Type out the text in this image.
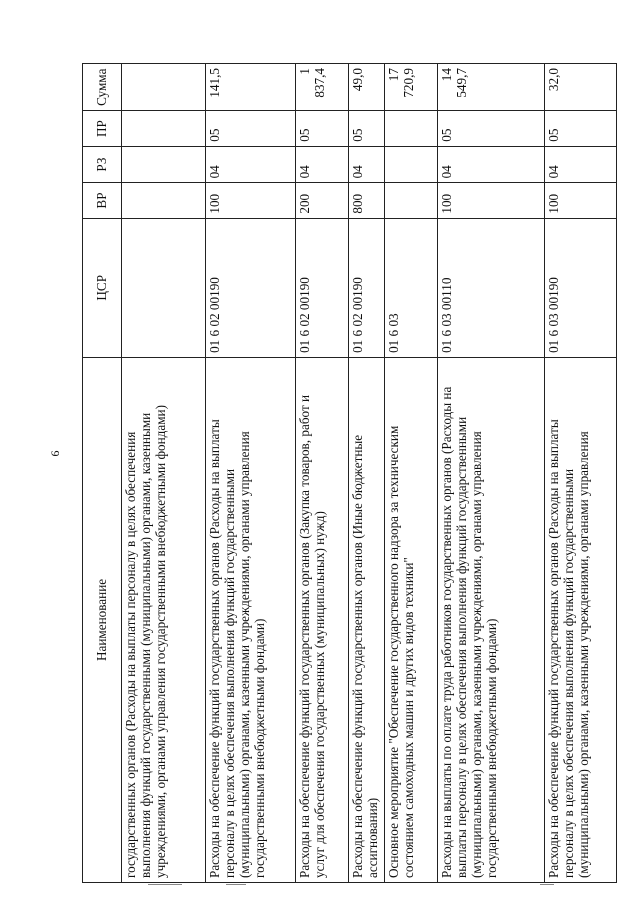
9
Наименование	ЦСР	ВР	РЗ	ПР	Сумма
государственных органов (Расходы на выплаты персоналу в целях обеспечения выполнения функций государственными (муниципальными) органами, казенными учреждениями, органами управления государственными внебюджетными фондами)					
Расходы на обеспечение функций государственных органов (Расходы на выплаты персоналу в целях обеспечения выполнения функций государственными (муниципальными) органами, казенными учреждениями, органами управления государственными внебюджетными фондами)	01 6 02 00190	100	04	05	141,5
Расходы на обеспечение функций государственных органов (Закупка товаров, работ и услуг для обеспечения государственных (муниципальных) нужд)	01 6 02 00190	200	04	05	1 837,4
Расходы на обеспечение функций государственных органов (Иные бюджетные ассигнования)	01 6 02 00190	800	04	05	49,0
Основное мероприятие "Обеспечение государственного надзора за техническим состоянием самоходных машин и других видов техники"	01 6 03				17 720,9
Расходы на выплаты по оплате труда работников государственных органов (Расходы на выплаты персоналу в целях обеспечения выполнения функций государственными (муниципальными) органами, казенными учреждениями, органами управления государственными внебюджетными фондами)	01 6 03 00110	100	04	05	14 549,7
Расходы на обеспечение функций государственных органов (Расходы на выплаты персоналу в целях обеспечения выполнения функций государственными (муниципальными) органами, казенными учреждениями, органами управления	01 6 03 00190	100	04	05	32,0
